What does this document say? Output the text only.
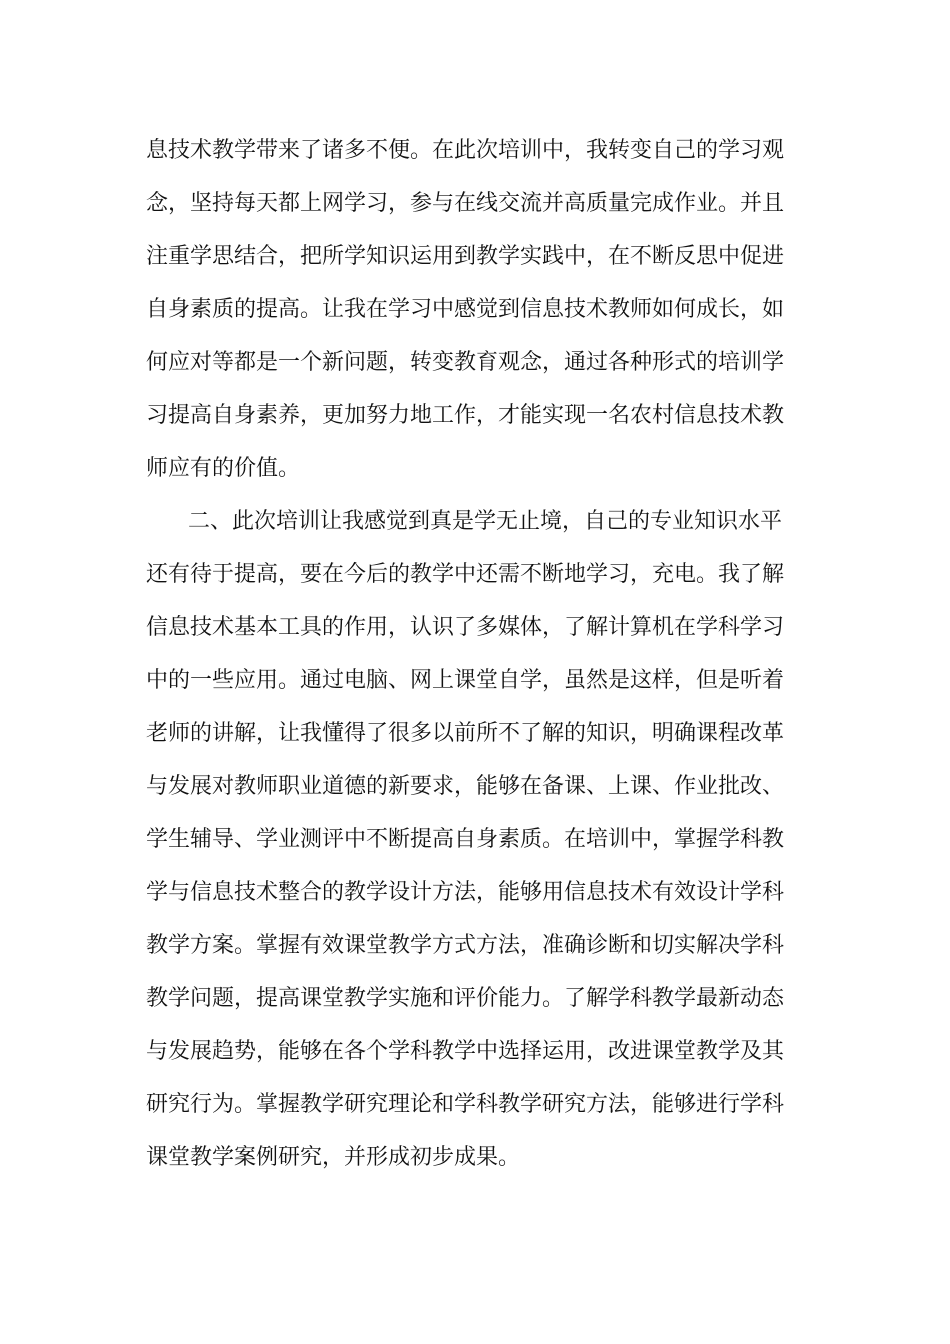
息技术教学带来了诸多不便。在此次培训中，我转变自己的学习观

念，坚持每天都上网学习，参与在线交流并高质量完成作业。并且

注重学思结合，把所学知识运用到教学实践中，在不断反思中促进

自身素质的提高。让我在学习中感觉到信息技术教师如何成长，如

何应对等都是一个新问题，转变教育观念，通过各种形式的培训学

习提高自身素养，更加努力地工作，才能实现一名农村信息技术教

师应有的价值。

二、此次培训让我感觉到真是学无止境，自己的专业知识水平

还有待于提高，要在今后的教学中还需不断地学习，充电。我了解

信息技术基本工具的作用，认识了多媒体，了解计算机在学科学习

中的一些应用。通过电脑、网上课堂自学，虽然是这样，但是听着

老师的讲解，让我懂得了很多以前所不了解的知识，明确课程改革

与发展对教师职业道德的新要求，能够在备课、上课、作业批改、

学生辅导、学业测评中不断提高自身素质。在培训中，掌握学科教

学与信息技术整合的教学设计方法，能够用信息技术有效设计学科

教学方案。掌握有效课堂教学方式方法，准确诊断和切实解决学科

教学问题，提高课堂教学实施和评价能力。了解学科教学最新动态

与发展趋势，能够在各个学科教学中选择运用，改进课堂教学及其

研究行为。掌握教学研究理论和学科教学研究方法，能够进行学科

课堂教学案例研究，并形成初步成果。
